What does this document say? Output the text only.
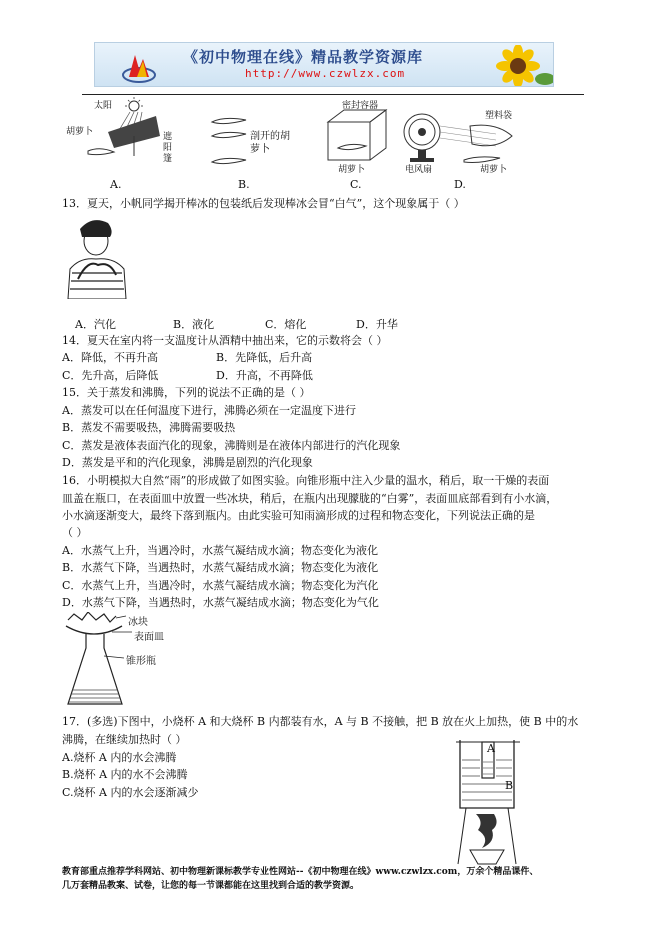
《初中物理在线》精品教学资源库
http://www.czwlzx.com
太阳
胡萝卜	遮阳篷
剖开的胡萝卜
密封容器
胡萝卜
塑料袋
电风扇	胡萝卜
A.	B.	C.	D.
13．夏天，小帆同学揭开棒冰的包装纸后发现棒冰会冒“白气”，这个现象属于（ ）
A．汽化	B．液化	C．熔化	D．升华
14．夏天在室内将一支温度计从酒精中抽出来，它的示数将会（ ）
A．降低，不再升高	B．先降低，后升高
C．先升高，后降低	D．升高，不再降低
15．关于蒸发和沸腾，下列的说法不正确的是（ ）
A．蒸发可以在任何温度下进行，沸腾必须在一定温度下进行
B．蒸发不需要吸热，沸腾需要吸热
C．蒸发是液体表面汽化的现象，沸腾则是在液体内部进行的汽化现象
D．蒸发是平和的汽化现象，沸腾是剧烈的汽化现象
16．小明模拟大自然“雨”的形成做了如图实验。向锥形瓶中注入少量的温水，稍后，取一干燥的表面
皿盖在瓶口，在表面皿中放置一些冰块，稍后，在瓶内出现朦胧的“白雾”，表面皿底部看到有小水滴，
小水滴逐渐变大，最终下落到瓶内。由此实验可知雨滴形成的过程和物态变化，下列说法正确的是
（ ）
A．水蒸气上升，当遇冷时，水蒸气凝结成水滴；物态变化为液化
B．水蒸气下降，当遇热时，水蒸气凝结成水滴；物态变化为液化
C．水蒸气上升，当遇冷时，水蒸气凝结成水滴；物态变化为汽化
D．水蒸气下降，当遇热时，水蒸气凝结成水滴；物态变化为气化
冰块
表面皿
锥形瓶
17．(多选)下图中，小烧杯 A 和大烧杯 B 内都装有水，A 与 B 不接触，把 B 放在火上加热，使 B 中的水
沸腾，在继续加热时（ ）
A.烧杯 A 内的水会沸腾
B.烧杯 A 内的水不会沸腾
C.烧杯 A 内的水会逐渐减少
A
B
教育部重点推荐学科网站、初中物理新课标教学专业性网站--《初中物理在线》www.czwlzx.com，万余个精品课件、
几万套精品教案、试卷，让您的每一节课都能在这里找到合适的教学资源。
